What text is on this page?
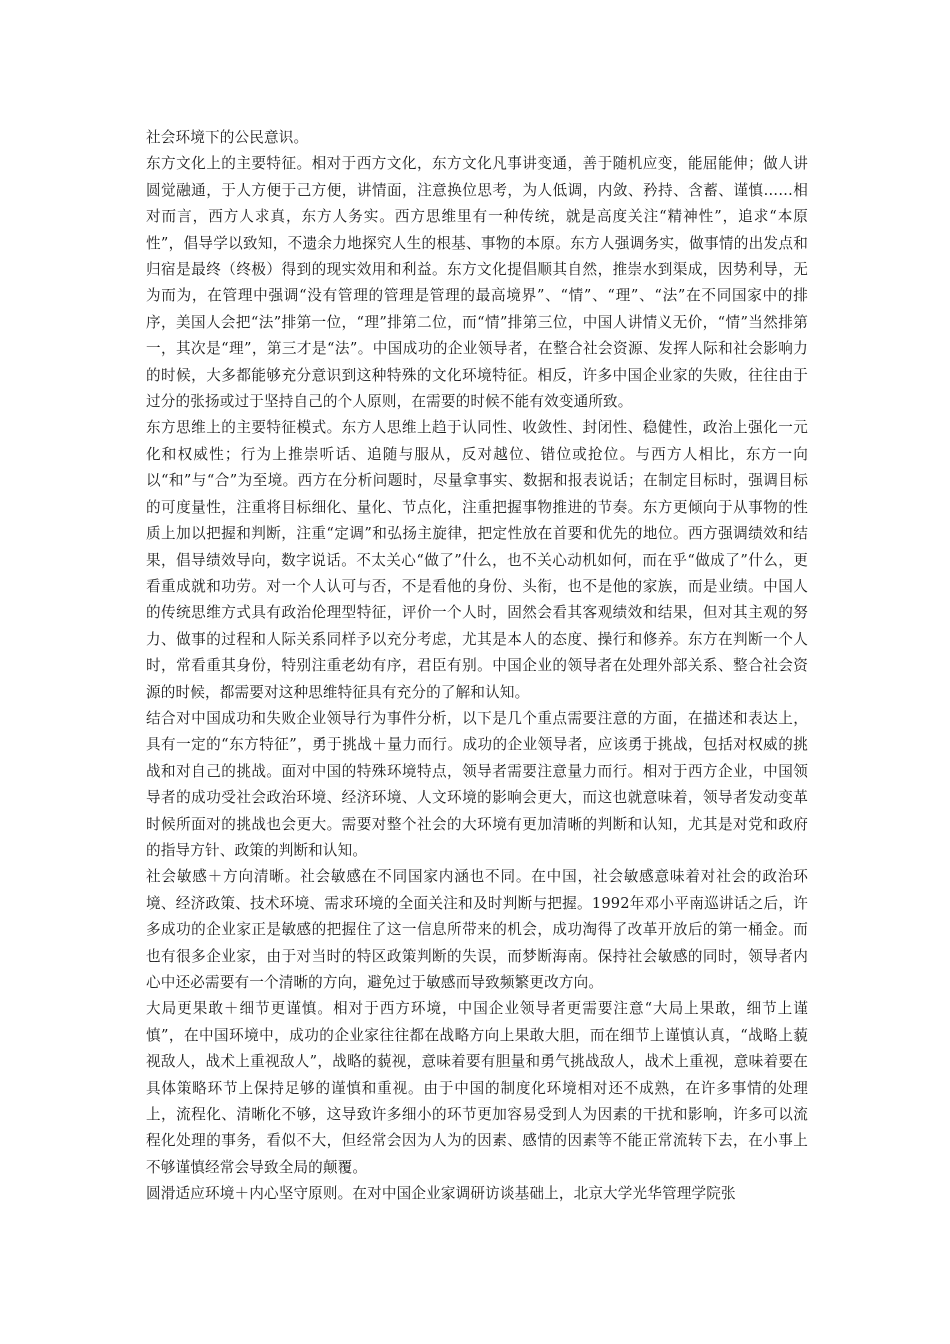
社会环境下的公民意识。

东方文化上的主要特征。相对于西方文化，东方文化凡事讲变通，善于随机应变，能屈能伸；做人讲圆觉融通，于人方便于己方便，讲情面，注意换位思考，为人低调，内敛、矜持、含蓄、谨慎……相对而言，西方人求真，东方人务实。西方思维里有一种传统，就是高度关注“精神性”，追求“本原性”，倡导学以致知，不遗余力地探究人生的根基、事物的本原。东方人强调务实，做事情的出发点和归宿是最终（终极）得到的现实效用和利益。东方文化提倡顺其自然，推崇水到渠成，因势利导，无为而为，在管理中强调“没有管理的管理是管理的最高境界”、“情”、“理”、“法”在不同国家中的排序，美国人会把“法”排第一位，“理”排第二位，而“情”排第三位，中国人讲情义无价，“情”当然排第一，其次是“理”，第三才是“法”。中国成功的企业领导者，在整合社会资源、发挥人际和社会影响力的时候，大多都能够充分意识到这种特殊的文化环境特征。相反，许多中国企业家的失败，往往由于过分的张扬或过于坚持自己的个人原则，在需要的时候不能有效变通所致。

东方思维上的主要特征模式。东方人思维上趋于认同性、收敛性、封闭性、稳健性，政治上强化一元化和权威性；行为上推崇听话、追随与服从，反对越位、错位或抢位。与西方人相比，东方一向以“和”与“合”为至境。西方在分析问题时，尽量拿事实、数据和报表说话；在制定目标时，强调目标的可度量性，注重将目标细化、量化、节点化，注重把握事物推进的节奏。东方更倾向于从事物的性质上加以把握和判断，注重“定调”和弘扬主旋律，把定性放在首要和优先的地位。西方强调绩效和结果，倡导绩效导向，数字说话。不太关心“做了”什么，也不关心动机如何，而在乎“做成了”什么，更看重成就和功劳。对一个人认可与否，不是看他的身份、头衔，也不是他的家族，而是业绩。中国人的传统思维方式具有政治伦理型特征，评价一个人时，固然会看其客观绩效和结果，但对其主观的努力、做事的过程和人际关系同样予以充分考虑，尤其是本人的态度、操行和修养。东方在判断一个人时，常看重其身份，特别注重老幼有序，君臣有别。中国企业的领导者在处理外部关系、整合社会资源的时候，都需要对这种思维特征具有充分的了解和认知。

结合对中国成功和失败企业领导行为事件分析，以下是几个重点需要注意的方面，在描述和表达上，具有一定的“东方特征”，勇于挑战＋量力而行。成功的企业领导者，应该勇于挑战，包括对权威的挑战和对自己的挑战。面对中国的特殊环境特点，领导者需要注意量力而行。相对于西方企业，中国领导者的成功受社会政治环境、经济环境、人文环境的影响会更大，而这也就意味着，领导者发动变革时候所面对的挑战也会更大。需要对整个社会的大环境有更加清晰的判断和认知，尤其是对党和政府的指导方针、政策的判断和认知。

社会敏感＋方向清晰。社会敏感在不同国家内涵也不同。在中国，社会敏感意味着对社会的政治环境、经济政策、技术环境、需求环境的全面关注和及时判断与把握。1992年邓小平南巡讲话之后，许多成功的企业家正是敏感的把握住了这一信息所带来的机会，成功淘得了改革开放后的第一桶金。而也有很多企业家，由于对当时的特区政策判断的失误，而梦断海南。保持社会敏感的同时，领导者内心中还必需要有一个清晰的方向，避免过于敏感而导致频繁更改方向。

大局更果敢＋细节更谨慎。相对于西方环境，中国企业领导者更需要注意“大局上果敢，细节上谨慎”，在中国环境中，成功的企业家往往都在战略方向上果敢大胆，而在细节上谨慎认真，“战略上藐视敌人，战术上重视敌人”，战略的藐视，意味着要有胆量和勇气挑战敌人，战术上重视，意味着要在具体策略环节上保持足够的谨慎和重视。由于中国的制度化环境相对还不成熟，在许多事情的处理上，流程化、清晰化不够，这导致许多细小的环节更加容易受到人为因素的干扰和影响，许多可以流程化处理的事务，看似不大，但经常会因为人为的因素、感情的因素等不能正常流转下去，在小事上不够谨慎经常会导致全局的颠覆。

圆滑适应环境＋内心坚守原则。在对中国企业家调研访谈基础上，北京大学光华管理学院张
